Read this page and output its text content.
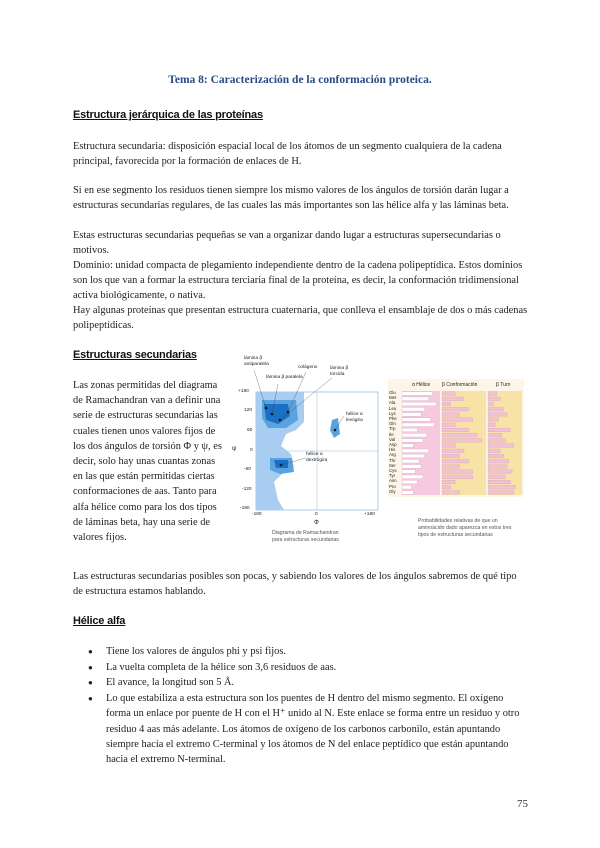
Tema 8: Caracterización de la conformación proteica.
Estructura jerárquica de las proteínas
Estructura secundaria: disposición espacial local de los átomos de un segmento cualquiera de la cadena principal, favorecida por la formación de enlaces de H.
Si en ese segmento los residuos tienen siempre los mismo valores de los ángulos de torsión darán lugar a estructuras secundarias regulares, de las cuales las más importantes son las hélice alfa y las láminas beta.
Estas estructuras secundarias pequeñas se van a organizar dando lugar a estructuras supersecundarias o motivos.
Dominio: unidad compacta de plegamiento independiente dentro de la cadena polipeptídica. Estos dominios son los que van a formar la estructura terciaria final de la proteína, es decir, la conformación tridimensional activa biológicamente, o nativa.
Hay algunas proteínas que presentan estructura cuaternaria, que conlleva el ensamblaje de dos o más cadenas polipeptídicas.
Estructuras secundarias
Las zonas permitidas del diagrama de Ramachandran van a definir una serie de estructuras secundarias las cuales tienen unos valores fijos de los dos ángulos de torsión Φ y ψ, es decir, solo hay unas cuantas zonas en las que están permitidas ciertas conformaciones de aas. Tanto para alfa hélice como para los dos tipos de láminas beta, hay una serie de valores fijos.
lámina β antiparalela
lámina β paralela
colágeno	lámina β torcida
hélice α levógira
hélice α dextrógira
+180
120
60
0
-60
-120
-180
ψ
-180	0	+180
Φ
Diagrama de Ramachandran
para estructuras secundarias
α Hélice β Conformación	β Turn
Glu
Met
Ala
Leu
Lys
Phe
Gln
Trp
Ile
Val
Asp
His
Arg
Thr
Ser
Cys
Tyr
Asn
Pro
Gly
Probabilidades relativas de que un
aminoácido dado aparezca en estos tres
tipos de estructuras secundarias
Las estructuras secundarias posibles son pocas, y sabiendo los valores de los ángulos sabremos de qué tipo de estructura estamos hablando.
Hélice alfa
● Tiene los valores de ángulos phi y psi fijos.
● La vuelta completa de la hélice son 3,6 residuos de aas.
● El avance, la longitud son 5 Å.
● Lo que estabiliza a esta estructura son los puentes de H dentro del mismo segmento. El oxígeno forma un enlace por puente de H con el H⁺ unido al N. Este enlace se forma entre un residuo y otro residuo 4 aas más adelante. Los átomos de oxígeno de los carbonos carbonilo, están apuntando siempre hacia el extremo C-terminal y los átomos de N del enlace peptídico que están apuntando hacia el extremo N-terminal.
75
